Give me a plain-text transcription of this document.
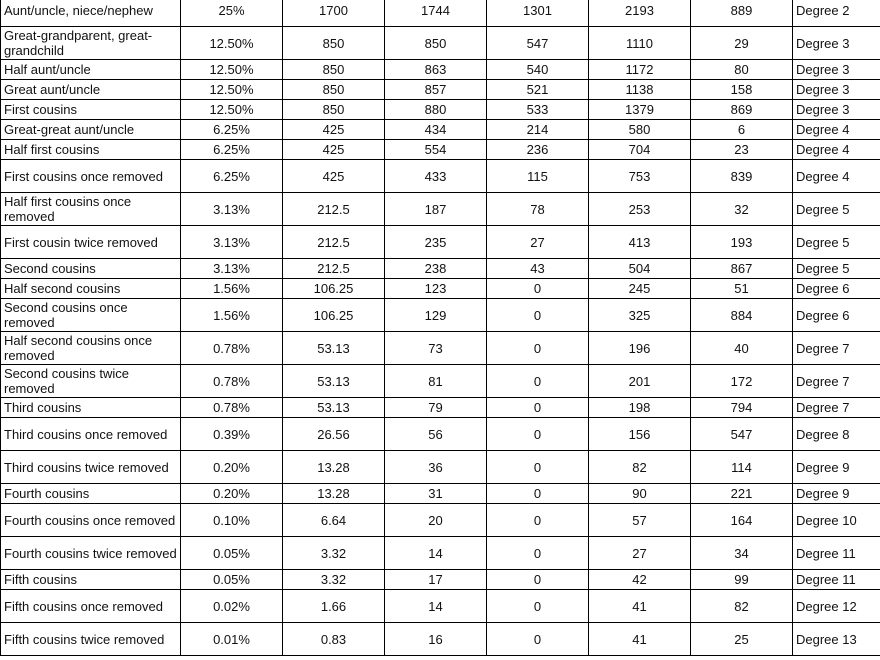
Aunt/uncle, niece/nephew	25%	1700	1744	1301	2193	889	Degree 2
Great-grandparent, great-grandchild	12.50%	850	850	547	1110	29	Degree 3
Half aunt/uncle	12.50%	850	863	540	1172	80	Degree 3
Great aunt/uncle	12.50%	850	857	521	1138	158	Degree 3
First cousins	12.50%	850	880	533	1379	869	Degree 3
Great-great aunt/uncle	6.25%	425	434	214	580	6	Degree 4
Half first cousins	6.25%	425	554	236	704	23	Degree 4
First cousins once removed	6.25%	425	433	115	753	839	Degree 4
Half first cousins once removed	3.13%	212.5	187	78	253	32	Degree 5
First cousin twice removed	3.13%	212.5	235	27	413	193	Degree 5
Second cousins	3.13%	212.5	238	43	504	867	Degree 5
Half second cousins	1.56%	106.25	123	0	245	51	Degree 6
Second cousins once removed	1.56%	106.25	129	0	325	884	Degree 6
Half second cousins once removed	0.78%	53.13	73	0	196	40	Degree 7
Second cousins twice removed	0.78%	53.13	81	0	201	172	Degree 7
Third cousins	0.78%	53.13	79	0	198	794	Degree 7
Third cousins once removed	0.39%	26.56	56	0	156	547	Degree 8
Third cousins twice removed	0.20%	13.28	36	0	82	114	Degree 9
Fourth cousins	0.20%	13.28	31	0	90	221	Degree 9
Fourth cousins once removed	0.10%	6.64	20	0	57	164	Degree 10
Fourth cousins twice removed	0.05%	3.32	14	0	27	34	Degree 11
Fifth cousins	0.05%	3.32	17	0	42	99	Degree 11
Fifth cousins once removed	0.02%	1.66	14	0	41	82	Degree 12
Fifth cousins twice removed	0.01%	0.83	16	0	41	25	Degree 13
